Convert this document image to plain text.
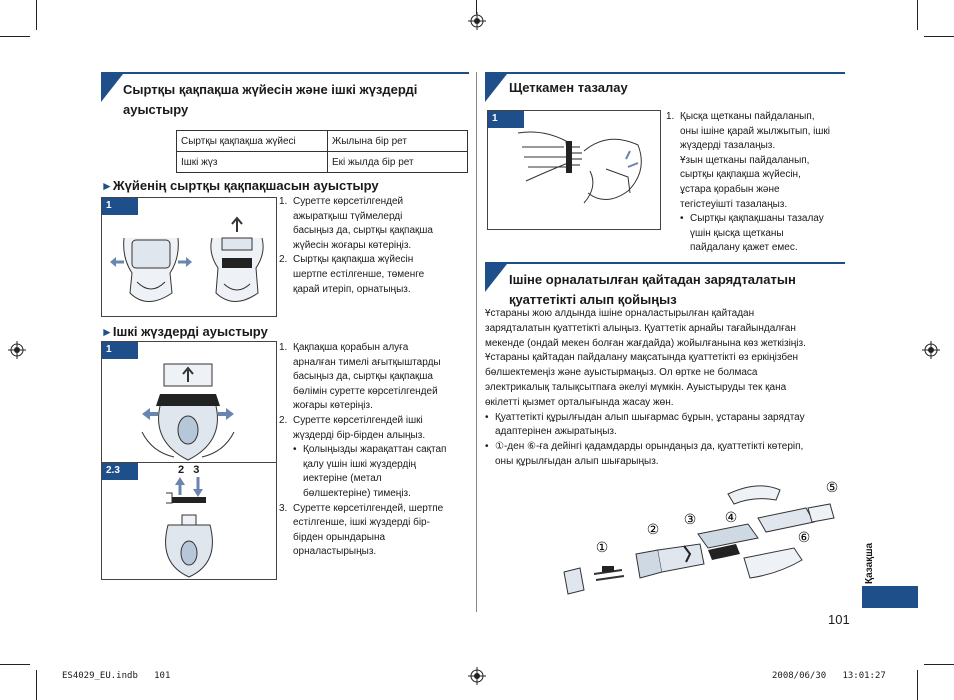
Сыртқы қақпақша жүйесін және ішкі жүздерді
ауыстыру
Сыртқы қақпақша жүйесі	Жылына бір рет
Ішкі жүз	Екі жылда бір рет
►Жүйенің сыртқы қақпақшасын ауыстыру
1	1. Суретте көрсетілгендей
ажыратқыш түймелерді
басыңыз да, сыртқы қақпақша
жүйесін жоғары көтеріңіз.
2. Сыртқы қақпақша жүйесін
шертпе естілгенше, төменге
қарай итеріп, орнатыңыз.
►Ішкі жүздерді ауыстыру
1
2.3	2 3
1. Қақпақша қорабын алуға
арналған тимелі ағытқыштарды
басыңыз да, сыртқы қақпақша
бөлімін суретте көрсетілгендей
жоғары көтеріңіз.
2. Суретте көрсетілгендей ішкі
жүздерді бір-бірден алыңыз.
• Қолыңызды жарақаттан сақтап
қалу үшін ішкі жүздердің
иектеріне (метал
бөлшектеріне) тимеңіз.
3. Суретте көрсетілгендей, шертпе
естілгенше, ішкі жүздерді бір-
бірден орындарына
орналастырыңыз.
Щеткамен тазалау
1	1. Қысқа щетканы пайдаланып,
оны ішіне қарай жылжытып, ішкі
жүздерді тазалаңыз.
Ұзын щетканы пайдаланып,
сыртқы қақпақша жүйесін,
ұстара қорабын және
тегістеуішті тазалаңыз.
• Сыртқы қақпақшаны тазалау
үшін қысқа щетканы
пайдалану қажет емес.
Ішіне орналатылған қайтадан зарядталатын
қуаттетікті алып қойыңыз
Ұстараны жою алдында ішіне орналастырылған қайтадан
зарядталатын қуаттетікті алыңыз. Қуаттетік арнайы тағайындалған
мекенде (ондай мекен болған жағдайда) жойылғанына көз жеткізіңіз.
Ұстараны қайтадан пайдалану мақсатында қуаттетікті өз еркіңізбен
бөлшектемеңіз және ауыстырмаңыз. Ол өртке не болмаса
электрикалық талықсытпаға әкелуі мүмкін. Ауыстыруды тек қана
өкілетті қызмет орталығында жасау жөн.
• Қуаттетікті құрылғыдан алып шығармас бұрын, ұстараны зарядтау
адаптерінен ажыратыңыз.
• ①-ден ⑥-ға дейінгі қадамдарды орындаңыз да, қуаттетікті көтеріп,
оны құрылғыдан алып шығарыңыз.
①
②
③ ④
⑤
⑥
Қазақша
101
ES4029_EU.indb   101	2008/06/30   13:01:27
